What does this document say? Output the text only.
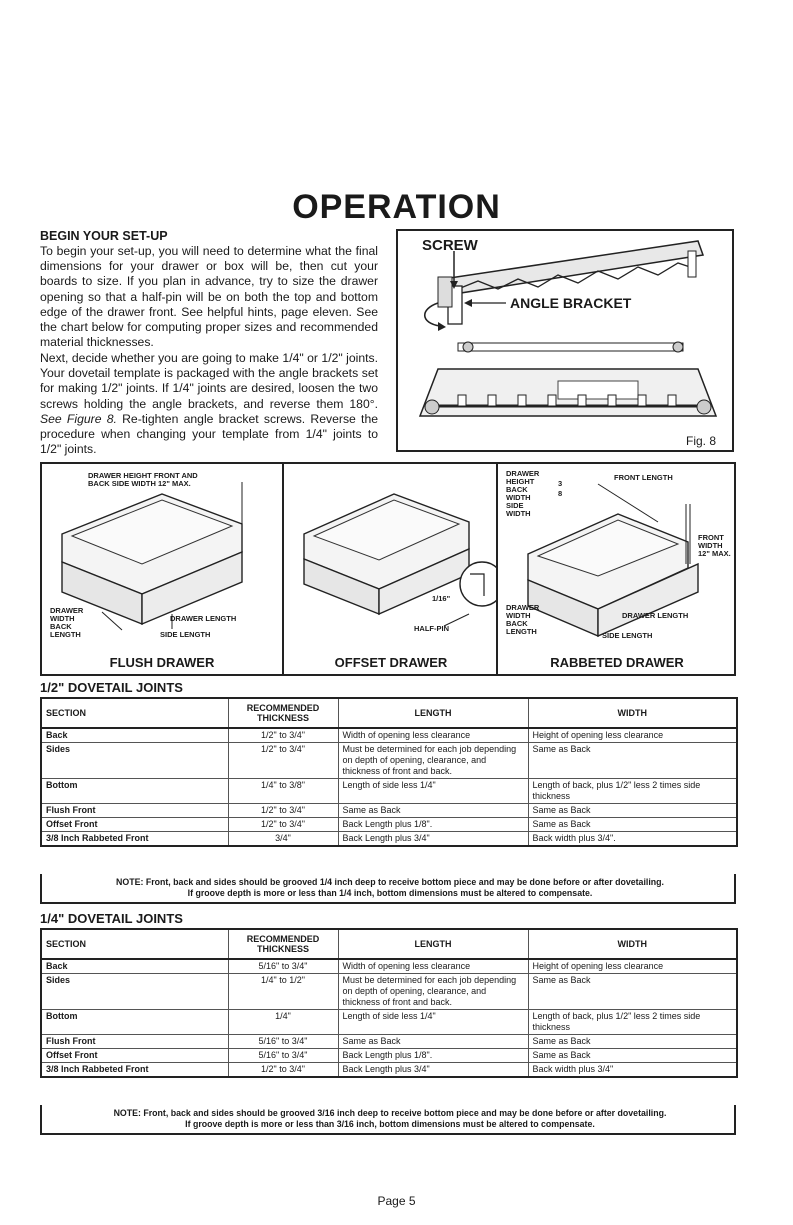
OPERATION
BEGIN YOUR SET-UP

To begin your set-up, you will need to determine what the final dimensions for your drawer or box will be, then cut your boards to size. If you plan in advance, try to size the drawer opening so that a half-pin will be on both the top and bottom edge of the drawer front. See helpful hints, page eleven. See the chart below for computing proper sizes and recommended material thicknesses.

Next, decide whether you are going to make 1/4" or 1/2" joints. Your dovetail template is packaged with the angle brackets set for making 1/2" joints. If 1/4" joints are desired, loosen the two screws holding the angle brackets, and reverse them 180°. See Figure 8. Re-tighten angle bracket screws. Reverse the procedure when changing your template from 1/4" joints to 1/2" joints.

SCREW
ANGLE BRACKET
Fig. 8
DRAWER HEIGHT FRONT AND
BACK SIDE WIDTH 12" MAX.
DRAWER
WIDTH
BACK
LENGTH
DRAWER LENGTH
SIDE LENGTH
FLUSH DRAWER
1/16"
HALF-PIN
OFFSET DRAWER
DRAWER
HEIGHT
BACK
WIDTH
SIDE
WIDTH
3
8
FRONT LENGTH
FRONT
WIDTH
12" MAX.
DRAWER
WIDTH
BACK
LENGTH
DRAWER LENGTH
SIDE LENGTH
RABBETED DRAWER
1/2" DOVETAIL JOINTS
SECTION	RECOMMENDED THICKNESS	LENGTH	WIDTH
Back	1/2" to 3/4"	Width of opening less clearance	Height of opening less clearance
Sides	1/2" to 3/4"	Must be determined for each job depending on depth of opening, clearance, and thickness of front and back.	Same as Back
Bottom	1/4" to 3/8"	Length of side less 1/4"	Length of back, plus 1/2" less 2 times side thickness
Flush Front	1/2" to 3/4"	Same as Back	Same as Back
Offset Front	1/2" to 3/4"	Back Length plus 1/8".	Same as Back
3/8 Inch Rabbeted Front	3/4"	Back Length plus 3/4"	Back width plus 3/4".
NOTE: Front, back and sides should be grooved 1/4 inch deep to receive bottom piece and may be done before or after dovetailing.
If groove depth is more or less than 1/4 inch, bottom dimensions must be altered to compensate.
1/4" DOVETAIL JOINTS
SECTION	RECOMMENDED THICKNESS	LENGTH	WIDTH
Back	5/16" to 3/4"	Width of opening less clearance	Height of opening less clearance
Sides	1/4" to 1/2"	Must be determined for each job depending on depth of opening, clearance, and thickness of front and back.	Same as Back
Bottom	1/4"	Length of side less 1/4"	Length of back, plus 1/2" less 2 times side thickness
Flush Front	5/16" to 3/4"	Same as Back	Same as Back
Offset Front	5/16" to 3/4"	Back Length plus 1/8".	Same as Back
3/8 Inch Rabbeted Front	1/2" to 3/4"	Back Length plus 3/4"	Back width plus 3/4"
NOTE: Front, back and sides should be grooved 3/16 inch deep to receive bottom piece and may be done before or after dovetailing.
If groove depth is more or less than 3/16 inch, bottom dimensions must be altered to compensate.
Page 5
